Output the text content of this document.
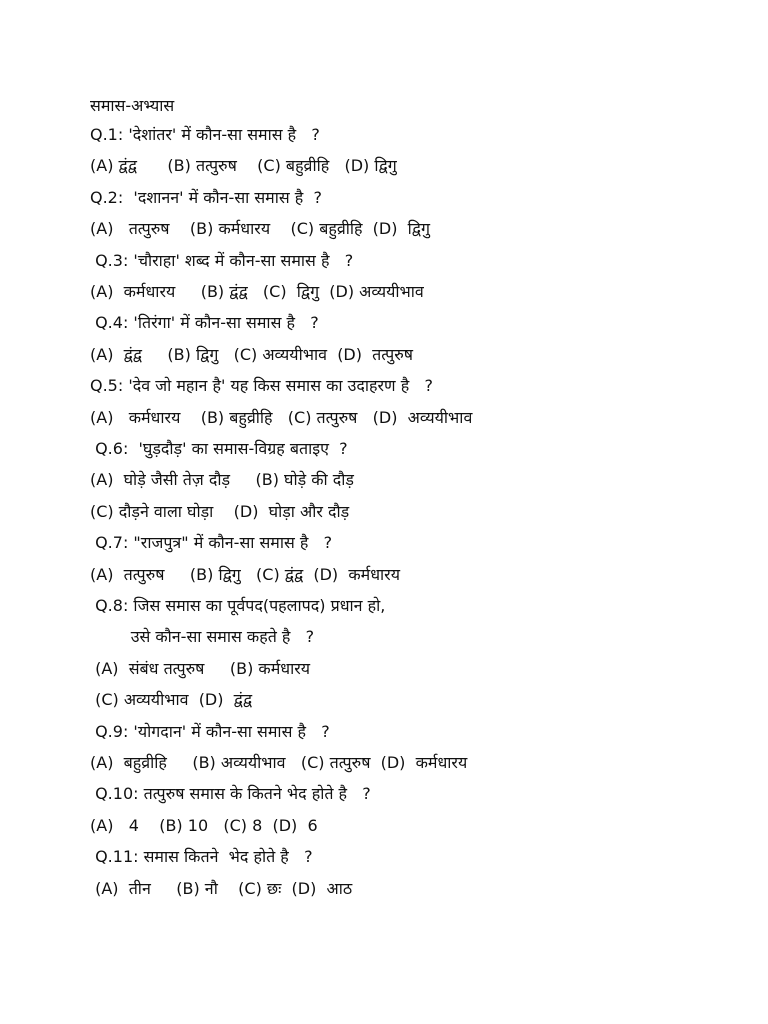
समास-अभ्यास
Q.1: 'देशांतर' में कौन-सा समास है   ?
(A) द्वंद्व      (B) तत्पुरुष    (C) बहुव्रीहि   (D) द्विगु
Q.2:  'दशानन' में कौन-सा समास है  ?
(A)   तत्पुरुष    (B) कर्मधारय    (C) बहुव्रीहि  (D)  द्विगु
Q.3: 'चौराहा' शब्द में कौन-सा समास है   ?
(A)  कर्मधारय     (B) द्वंद्व   (C)  द्विगु  (D) अव्ययीभाव
Q.4: 'तिरंगा' में कौन-सा समास है   ?
(A)  द्वंद्व     (B) द्विगु   (C) अव्ययीभाव  (D)  तत्पुरुष
Q.5: 'देव जो महान है' यह किस समास का उदाहरण है   ?
(A)   कर्मधारय    (B) बहुव्रीहि   (C) तत्पुरुष   (D)  अव्ययीभाव
Q.6:  'घुड़दौड़' का समास-विग्रह बताइए  ?
(A)  घोड़े जैसी तेज़ दौड़     (B) घोड़े की दौड़
(C) दौड़ने वाला घोड़ा    (D)  घोड़ा और दौड़
Q.7: "राजपुत्र" में कौन-सा समास है   ?
(A)  तत्पुरुष     (B) द्विगु   (C) द्वंद्व  (D)  कर्मधारय
Q.8: जिस समास का पूर्वपद(पहलापद) प्रधान हो,
उसे कौन-सा समास कहते है   ?
(A)  संबंध तत्पुरुष     (B) कर्मधारय
(C) अव्ययीभाव  (D)  द्वंद्व
Q.9: 'योगदान' में कौन-सा समास है   ?
(A)  बहुव्रीहि     (B) अव्ययीभाव   (C) तत्पुरुष  (D)  कर्मधारय
Q.10: तत्पुरुष समास के कितने भेद होते है   ?
(A)   4    (B) 10   (C) 8  (D)  6
Q.11: समास कितने  भेद होते है   ?
(A)  तीन     (B) नौ    (C) छः  (D)  आठ
